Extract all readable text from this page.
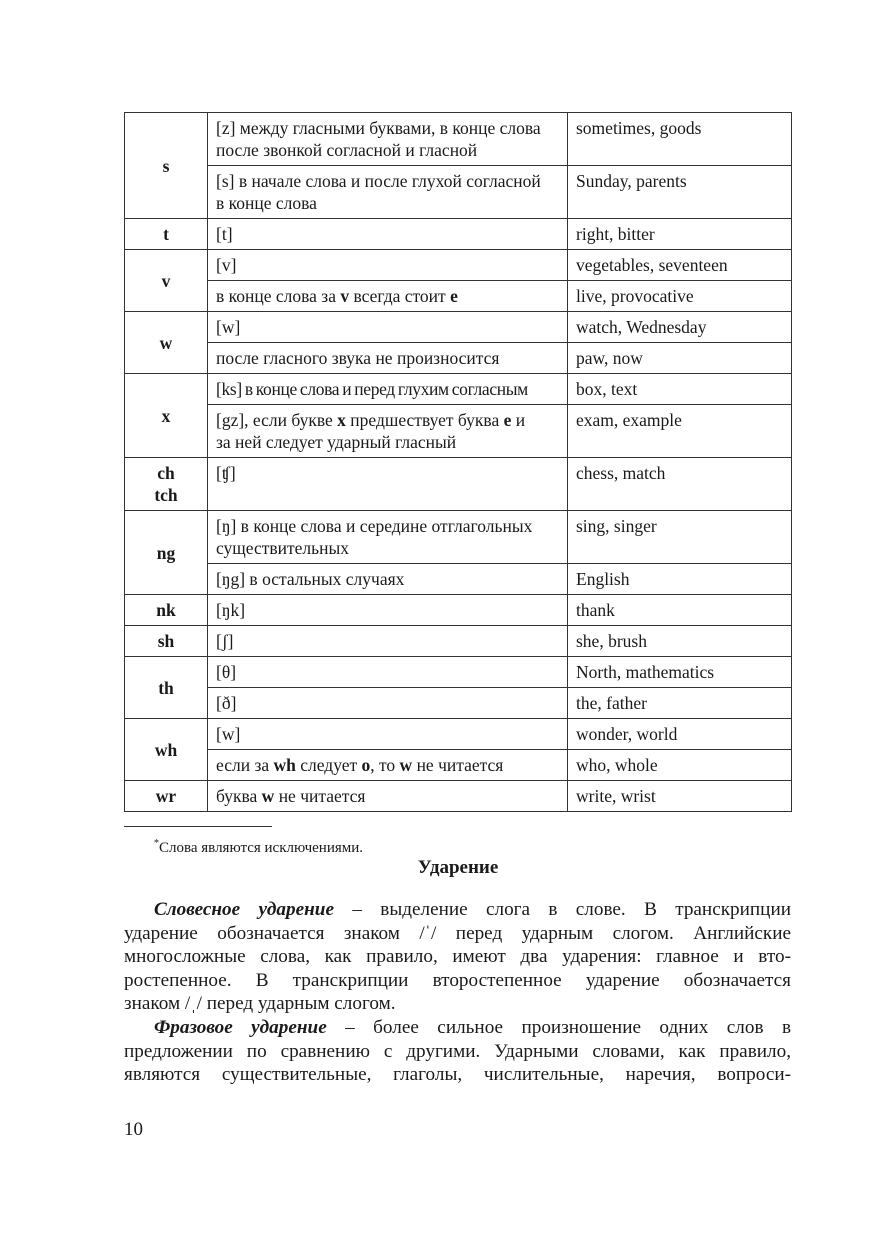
s	[z] между гласными буквами, в конце слова
после звонкой согласной и гласной	sometimes, goods
	[s] в начале слова и после глухой согласной
в конце слова	Sunday, parents
t	[t]	right, bitter
v	[v]	vegetables, seventeen
	в конце слова за v всегда стоит e	live, provocative
w	[w]	watch, Wednesday
	после гласного звука не произносится	paw, now
x	[ks] в конце слова и перед глухим согласным	box, text
	[gz], если букве x предшествует буква e и
за ней следует ударный гласный	exam, example
ch
tch	[ʧ]	chess, match
ng	[ŋ] в конце слова и середине отглагольных
существительных	sing, singer
	[ŋg] в остальных случаях	English
nk	[ŋk]	thank
sh	[ʃ]	she, brush
th	[θ]	North, mathematics
	[ð]	the, father
wh	[w]	wonder, world
	если за wh следует o, то w не читается	who, whole
wr	буква w не читается	write, wrist
*Слова являются исключениями.
Ударение
Словесное ударение – выделение слога в слове. В транскрипции
ударение обозначается знаком /ˈ/ перед ударным слогом. Английские
многосложные слова, как правило, имеют два ударения: главное и вто-
ростепенное. В транскрипции второстепенное ударение обозначается
знаком /ˌ/ перед ударным слогом.
Фразовое ударение – более сильное произношение одних слов в
предложении по сравнению с другими. Ударными словами, как правило,
являются существительные, глаголы, числительные, наречия, вопроси-
10
